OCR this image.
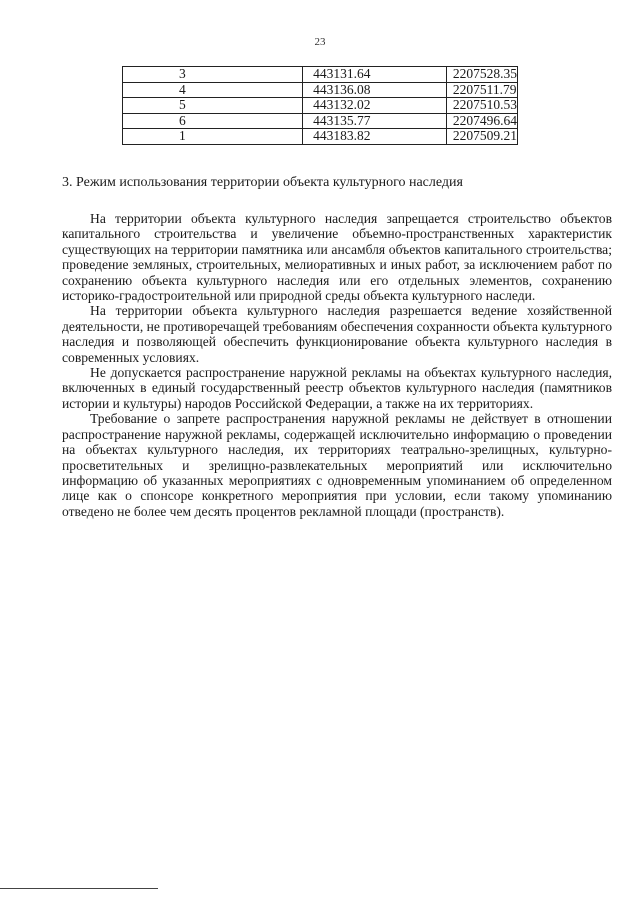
23
3	443131.64	2207528.35
4	443136.08	2207511.79
5	443132.02	2207510.53
6	443135.77	2207496.64
1	443183.82	2207509.21
3. Режим использования территории объекта культурного наследия

На территории объекта культурного наследия запрещается строительство объектов капитального строительства и увеличение объемно-пространственных характеристик существующих на территории памятника или ансамбля объектов капитального строительства; проведение земляных, строительных, мелиоративных и иных работ, за исключением работ по сохранению объекта культурного наследия или его отдельных элементов, сохранению историко-градостроительной или природной среды объекта культурного наследи.

На территории объекта культурного наследия разрешается ведение хозяйственной деятельности, не противоречащей требованиям обеспечения сохранности объекта культурного наследия и позволяющей обеспечить функционирование объекта культурного наследия в современных условиях.

Не допускается распространение наружной рекламы на объектах культурного наследия, включенных в единый государственный реестр объектов культурного наследия (памятников истории и культуры) народов Российской Федерации, а также на их территориях.

Требование о запрете распространения наружной рекламы не действует в отношении распространение наружной рекламы, содержащей исключительно информацию о проведении на объектах культурного наследия, их территориях театрально-зрелищных, культурно-просветительных и зрелищно-развлекательных мероприятий или исключительно информацию об указанных мероприятиях с одновременным упоминанием об определенном лице как о спонсоре конкретного мероприятия при условии, если такому упоминанию отведено не более чем десять процентов рекламной площади (пространств).
